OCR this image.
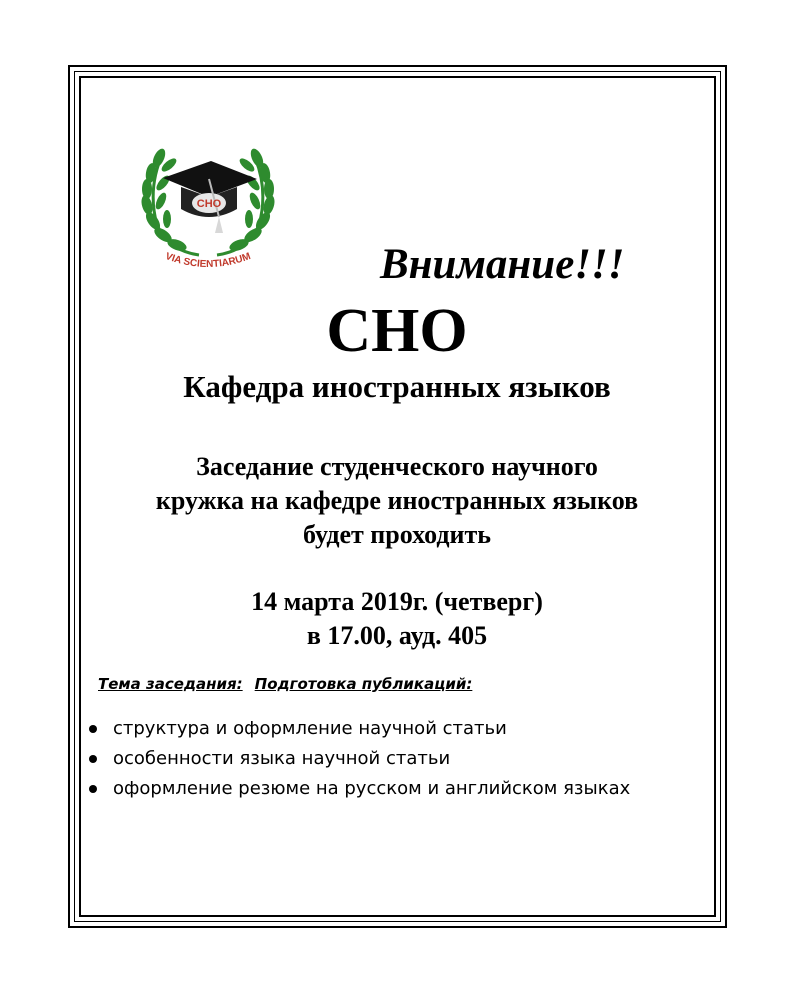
СНО
VIA SCIENTIARUM	Внимание!!!
СНО
Кафедра иностранных языков
Заседание студенческого научного
кружка на кафедре иностранных языков
будет проходить
14 марта 2019г. (четверг)
в 17.00, ауд. 405
Тема заседания: Подготовка публикаций:
структура и оформление научной статьи
особенности языка научной статьи
оформление резюме на русском и английском языках
